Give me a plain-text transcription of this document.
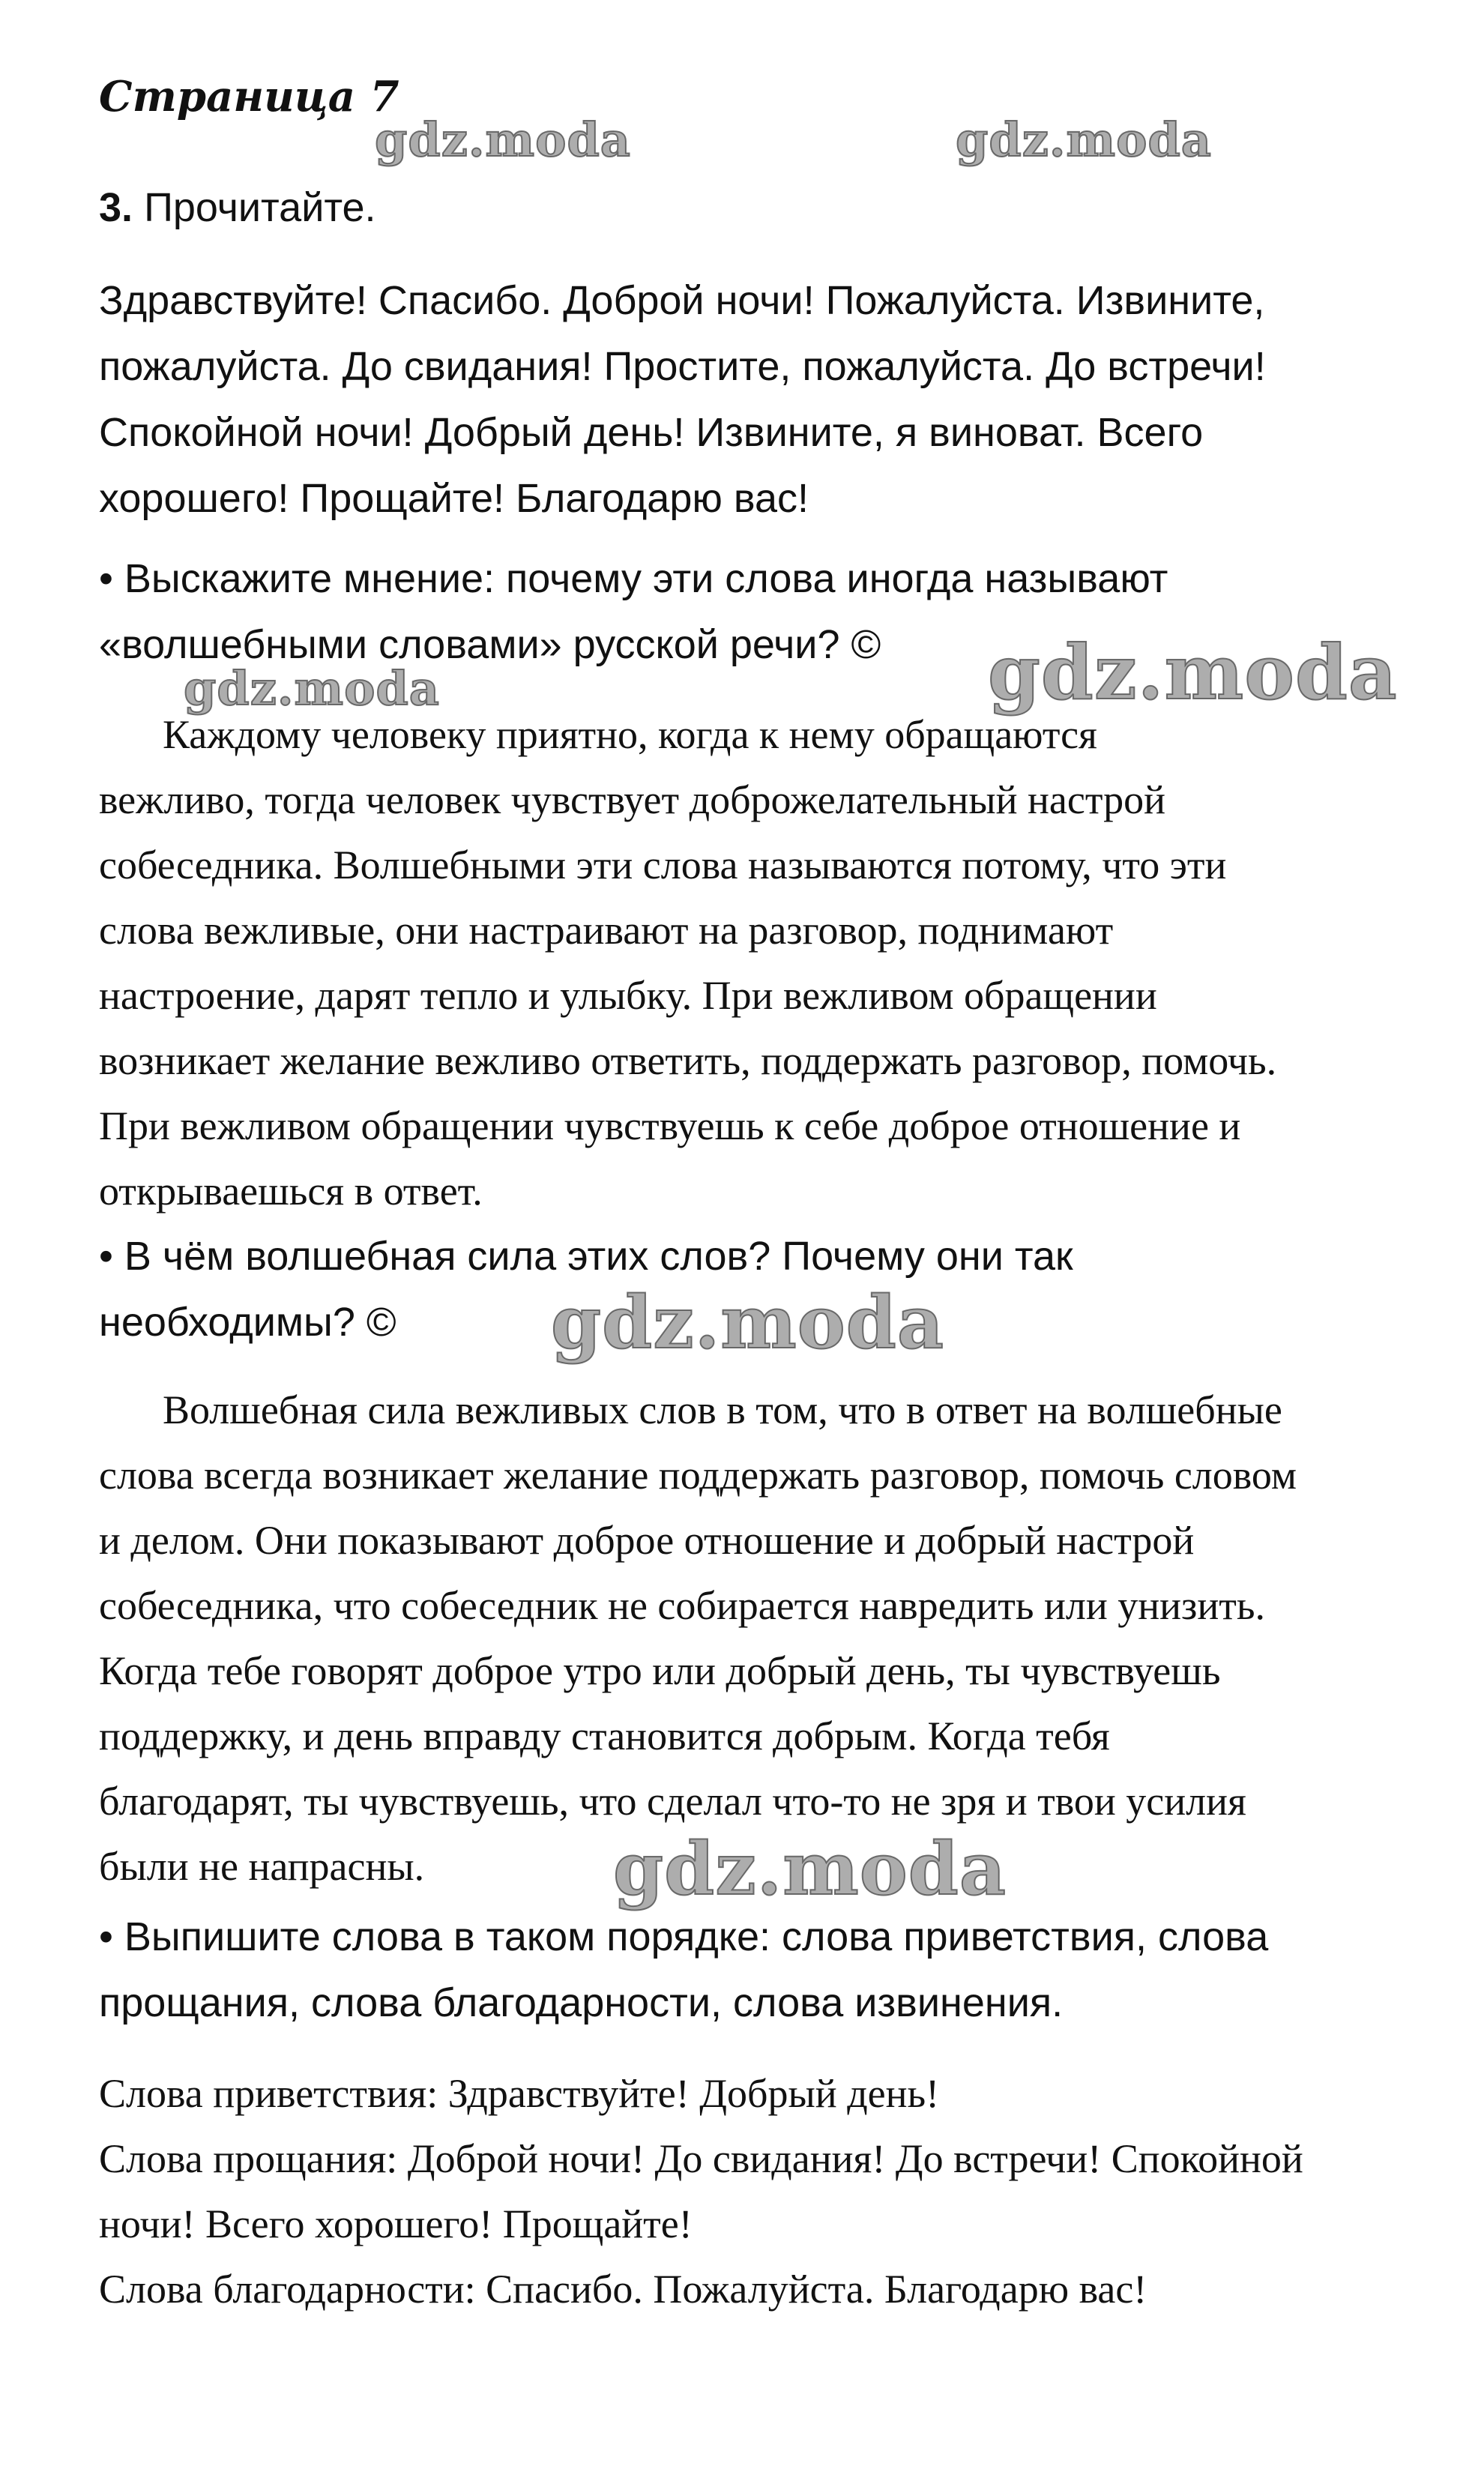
Страница 7
3. Прочитайте.
Здравствуйте! Спасибо. Доброй ночи! Пожалуйста. Извините,
пожалуйста. До свидания! Простите, пожалуйста. До встречи!
Спокойной ночи! Добрый день! Извините, я виноват. Всего
хорошего! Прощайте! Благодарю вас!
• Выскажите мнение: почему эти слова иногда называют
«волшебными словами» русской речи? ©
Каждому человеку приятно, когда к нему обращаются
вежливо, тогда человек чувствует доброжелательный настрой
собеседника. Волшебными эти слова называются потому, что эти
слова вежливые, они настраивают на разговор, поднимают
настроение, дарят тепло и улыбку. При вежливом обращении
возникает желание вежливо ответить, поддержать разговор, помочь.
При вежливом обращении чувствуешь к себе доброе отношение и
открываешься в ответ.
• В чём волшебная сила этих слов? Почему они так
необходимы? ©
Волшебная сила вежливых слов в том, что в ответ на волшебные
слова всегда возникает желание поддержать разговор, помочь словом
и делом. Они показывают доброе отношение и добрый настрой
собеседника, что собеседник не собирается навредить или унизить.
Когда тебе говорят доброе утро или добрый день, ты чувствуешь
поддержку, и день вправду становится добрым. Когда тебя
благодарят, ты чувствуешь, что сделал что-то не зря и твои усилия
были не напрасны.
• Выпишите слова в таком порядке: слова приветствия, слова
прощания, слова благодарности, слова извинения.
Слова приветствия: Здравствуйте! Добрый день!
Слова прощания: Доброй ночи! До свидания! До встречи! Спокойной
ночи! Всего хорошего! Прощайте!
Слова благодарности: Спасибо. Пожалуйста. Благодарю вас!
gdz.moda	gdz.moda
gdz.moda	gdz.moda
gdz.moda
gdz.moda
